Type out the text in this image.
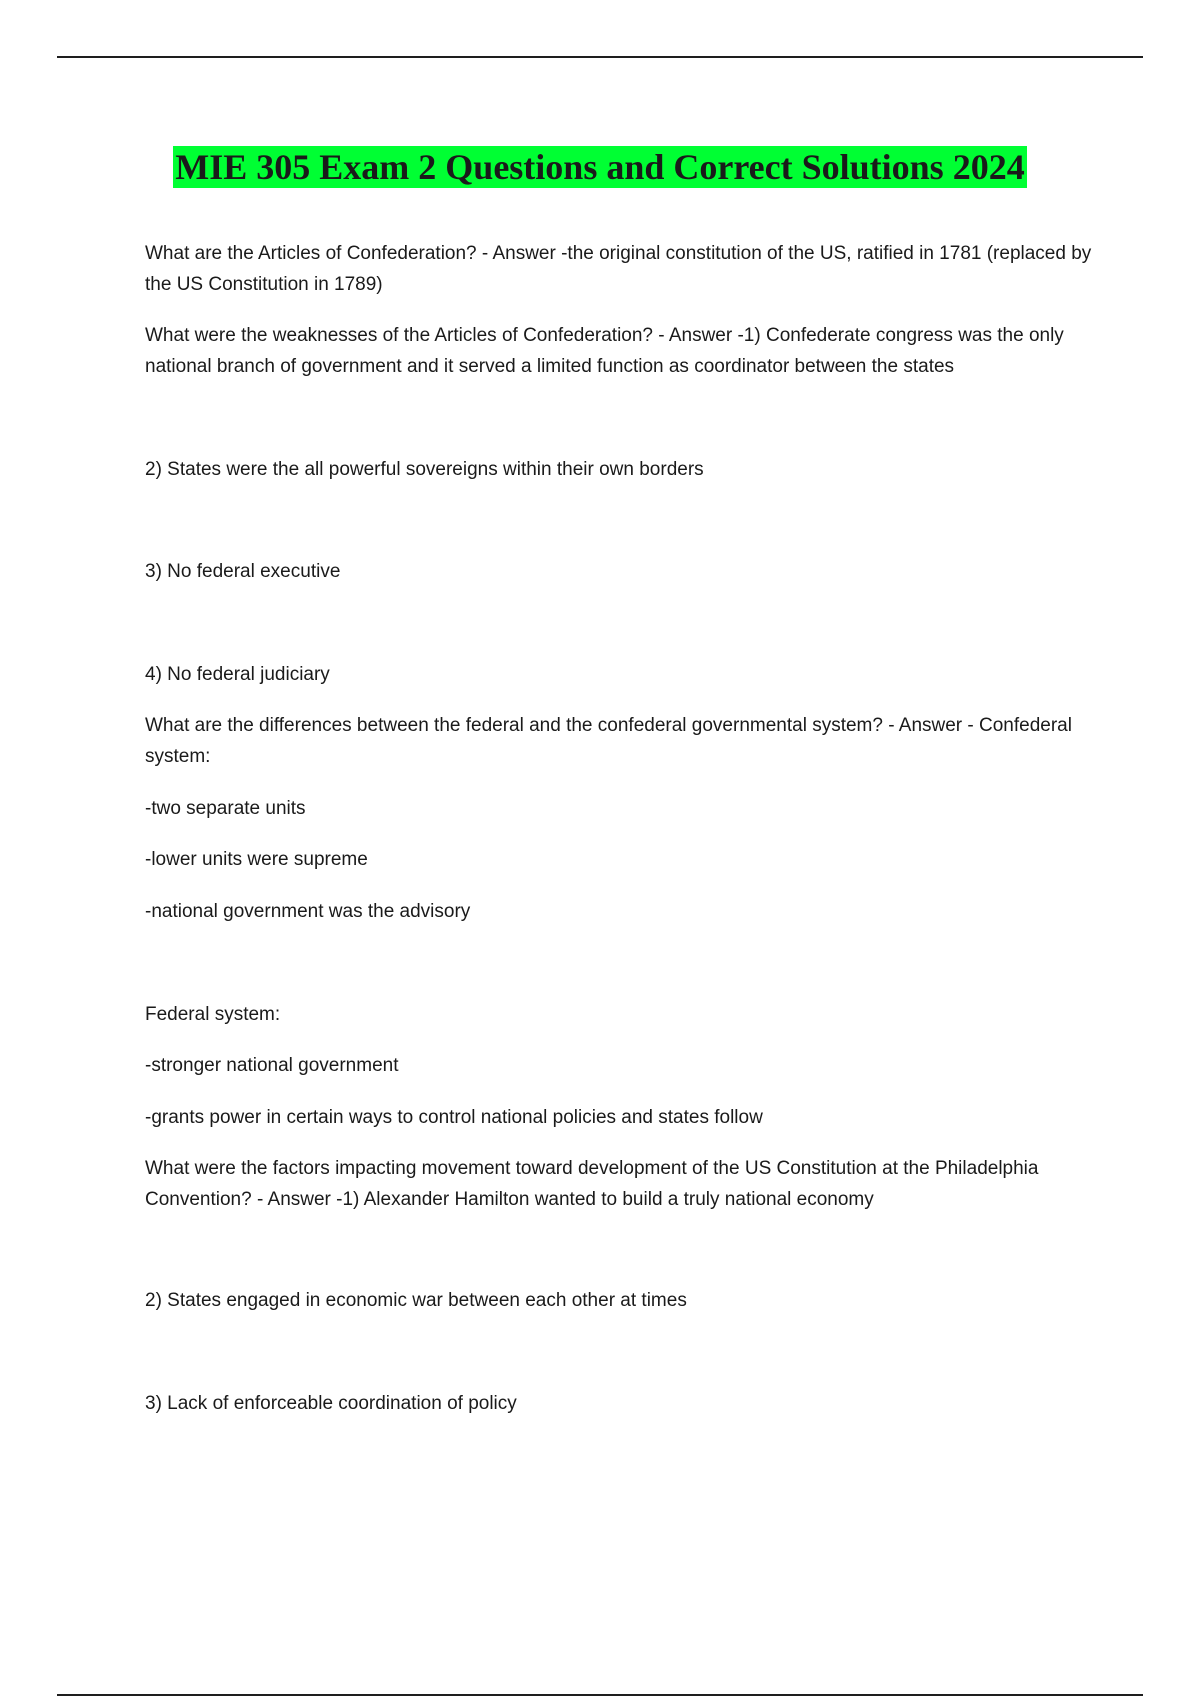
MIE 305 Exam 2 Questions and Correct Solutions 2024

What are the Articles of Confederation? - Answer -the original constitution of the US, ratified in 1781 (replaced by the US Constitution in 1789)

What were the weaknesses of the Articles of Confederation? - Answer -1) Confederate congress was the only national branch of government and it served a limited function as coordinator between the states

2) States were the all powerful sovereigns within their own borders

3) No federal executive

4) No federal judiciary

What are the differences between the federal and the confederal governmental system? - Answer - Confederal system:

-two separate units

-lower units were supreme

-national government was the advisory

Federal system:

-stronger national government

-grants power in certain ways to control national policies and states follow

What were the factors impacting movement toward development of the US Constitution at the Philadelphia Convention? - Answer -1) Alexander Hamilton wanted to build a truly national economy

2) States engaged in economic war between each other at times

3) Lack of enforceable coordination of policy
